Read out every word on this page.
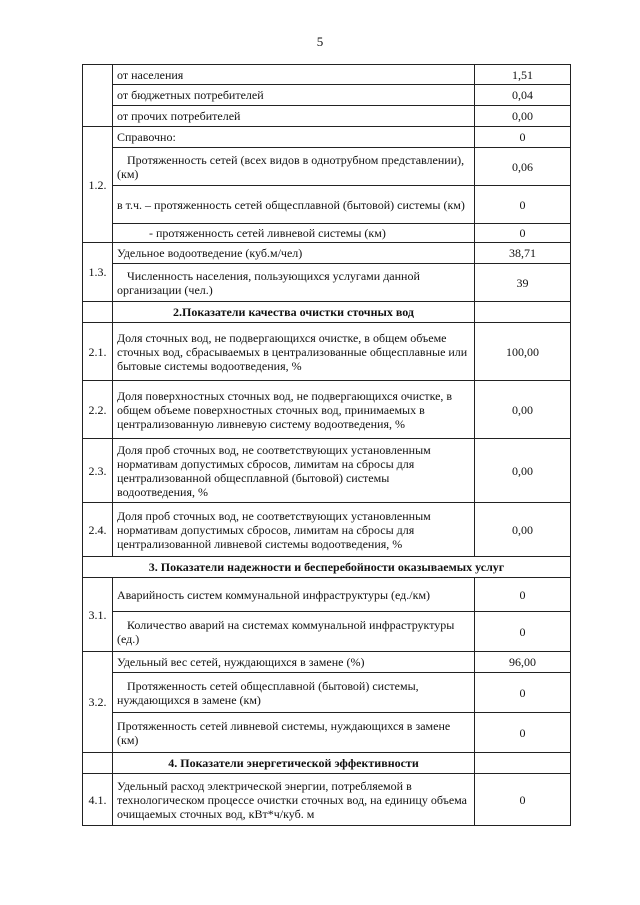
5
	от населения	1,51
	от бюджетных потребителей	0,04
	от прочих потребителей	0,00
1.2.	Справочно:	0
	Протяженность сетей (всех видов в однотрубном представлении), (км)	0,06
	в т.ч. – протяженность сетей общесплавной (бытовой) системы (км)	0
	- протяженность сетей ливневой системы (км)	0
1.3.	Удельное водоотведение (куб.м/чел)	38,71
	Численность населения, пользующихся услугами данной организации (чел.)	39
	2.Показатели качества очистки сточных вод	
2.1.	Доля сточных вод, не подвергающихся очистке, в общем объеме сточных вод, сбрасываемых в централизованные общесплавные или бытовые системы водоотведения, %	100,00
2.2.	Доля поверхностных сточных вод, не подвергающихся очистке, в общем объеме поверхностных сточных вод, принимаемых в централизованную ливневую систему водоотведения, %	0,00
2.3.	Доля проб сточных вод, не соответствующих установленным нормативам допустимых сбросов, лимитам на сбросы для централизованной общесплавной (бытовой) системы водоотведения, %	0,00
2.4.	Доля проб сточных вод, не соответствующих установленным нормативам допустимых сбросов, лимитам на сбросы для централизованной ливневой системы водоотведения, %	0,00
3. Показатели надежности и бесперебойности оказываемых услуг		
3.1.	Аварийность систем коммунальной инфраструктуры (ед./км)	0
	Количество аварий на системах коммунальной инфраструктуры (ед.)	0
3.2.	Удельный вес сетей, нуждающихся в замене (%)	96,00
	Протяженность сетей общесплавной (бытовой) системы, нуждающихся в замене (км)	0
	Протяженность сетей ливневой системы, нуждающихся в замене (км)	0
	4. Показатели энергетической эффективности	
4.1.	Удельный расход электрической энергии, потребляемой в технологическом процессе очистки сточных вод, на единицу объема очищаемых сточных вод, кВт*ч/куб. м	0
